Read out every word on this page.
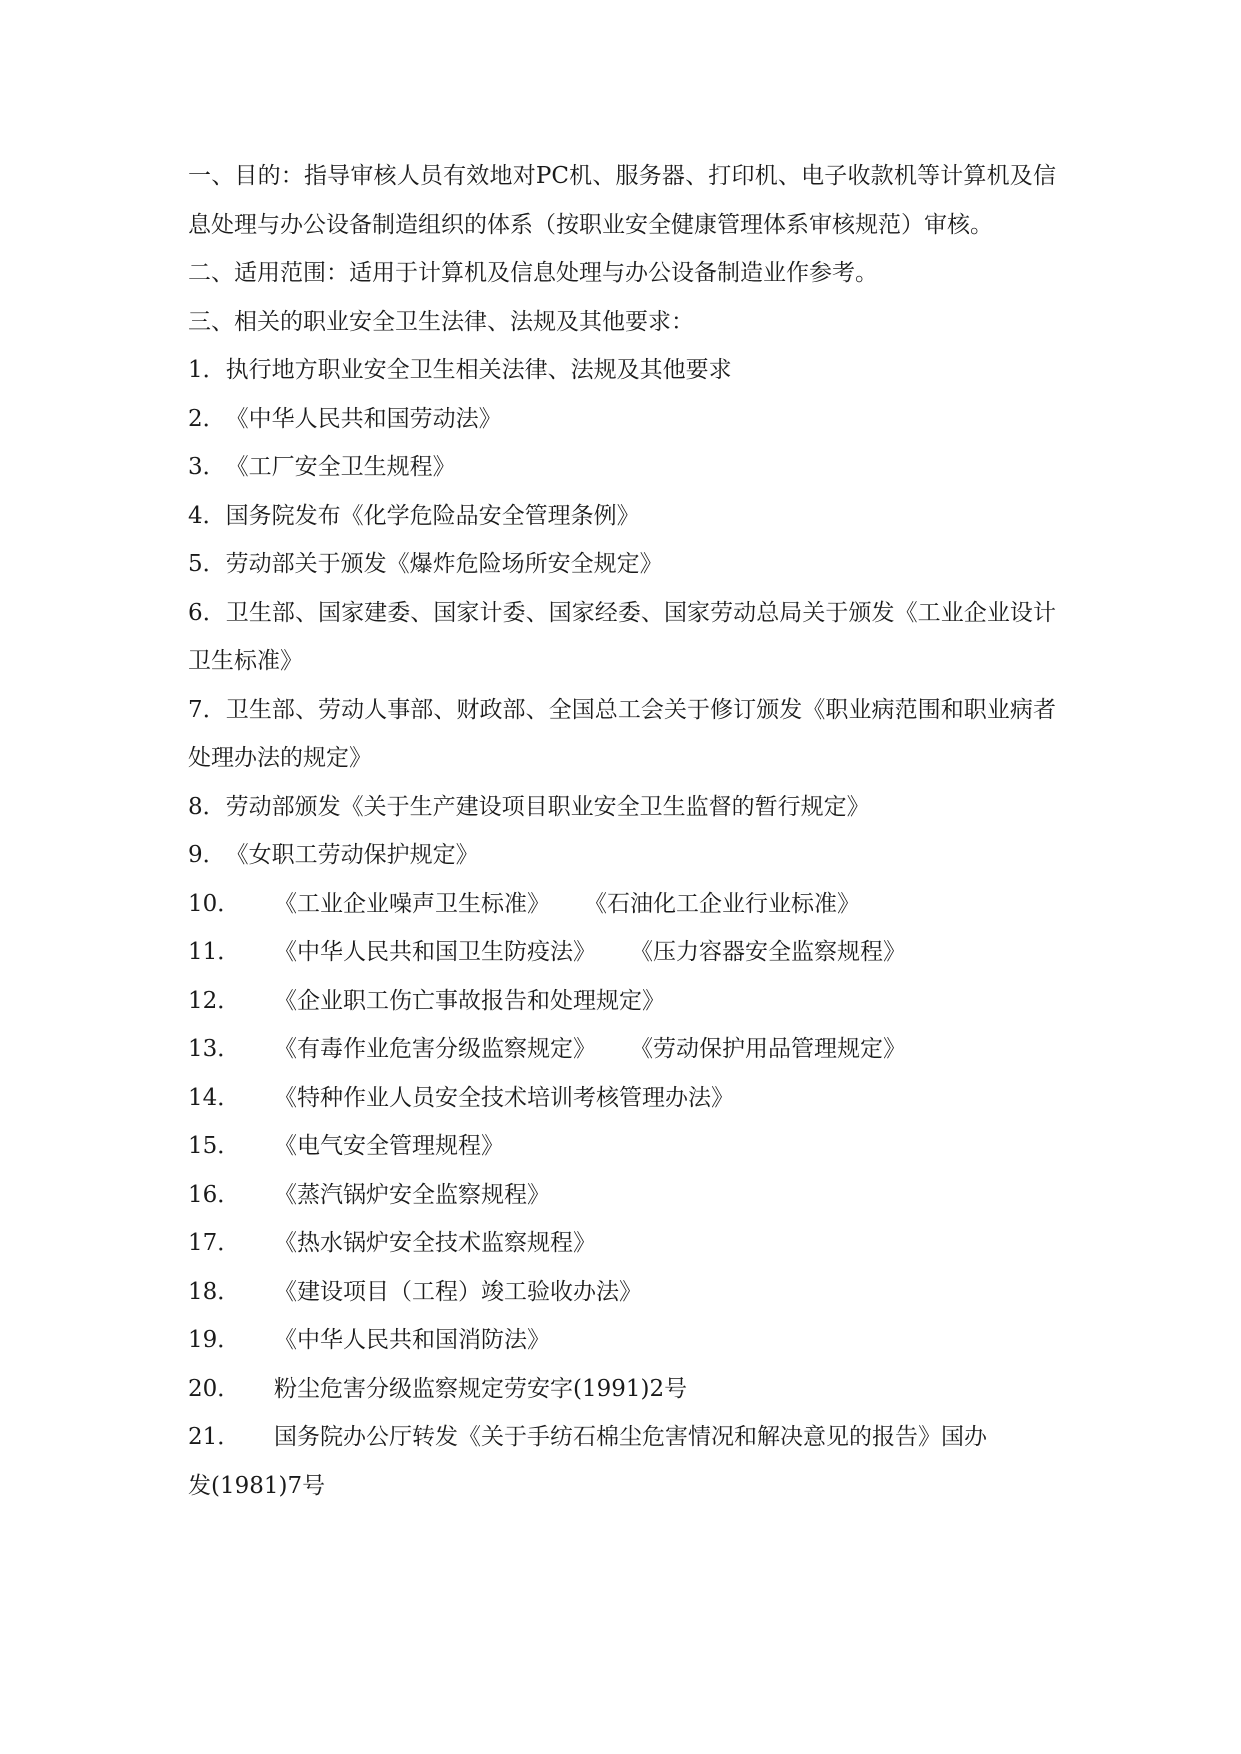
一、目的：指导审核人员有效地对PC机、服务器、打印机、电子收款机等计算机及信息处理与办公设备制造组织的体系（按职业安全健康管理体系审核规范）审核。

二、适用范围：适用于计算机及信息处理与办公设备制造业作参考。

三、相关的职业安全卫生法律、法规及其他要求：

1． 执行地方职业安全卫生相关法律、法规及其他要求
2． 《中华人民共和国劳动法》
3． 《工厂安全卫生规程》
4． 国务院发布《化学危险品安全管理条例》
5． 劳动部关于颁发《爆炸危险场所安全规定》

6．卫生部、国家建委、国家计委、国家经委、国家劳动总局关于颁发《工业企业设计卫生标准》

7．卫生部、劳动人事部、财政部、全国总工会关于修订颁发《职业病范围和职业病者处理办法的规定》

8． 劳动部颁发《关于生产建设项目职业安全卫生监督的暂行规定》
9． 《女职工劳动保护规定》
10．	《工业企业噪声卫生标准》 《石油化工企业行业标准》
11．	《中华人民共和国卫生防疫法》 《压力容器安全监察规程》
12．	《企业职工伤亡事故报告和处理规定》
13．	《有毒作业危害分级监察规定》 《劳动保护用品管理规定》
14．	《特种作业人员安全技术培训考核管理办法》
15．	《电气安全管理规程》
16．	《蒸汽锅炉安全监察规程》
17．	《热水锅炉安全技术监察规程》
18．	《建设项目（工程）竣工验收办法》
19．	《中华人民共和国消防法》
20．	粉尘危害分级监察规定劳安字(1991)2号
21．	国务院办公厅转发《关于手纺石棉尘危害情况和解决意见的报告》国办

发(1981)7号
